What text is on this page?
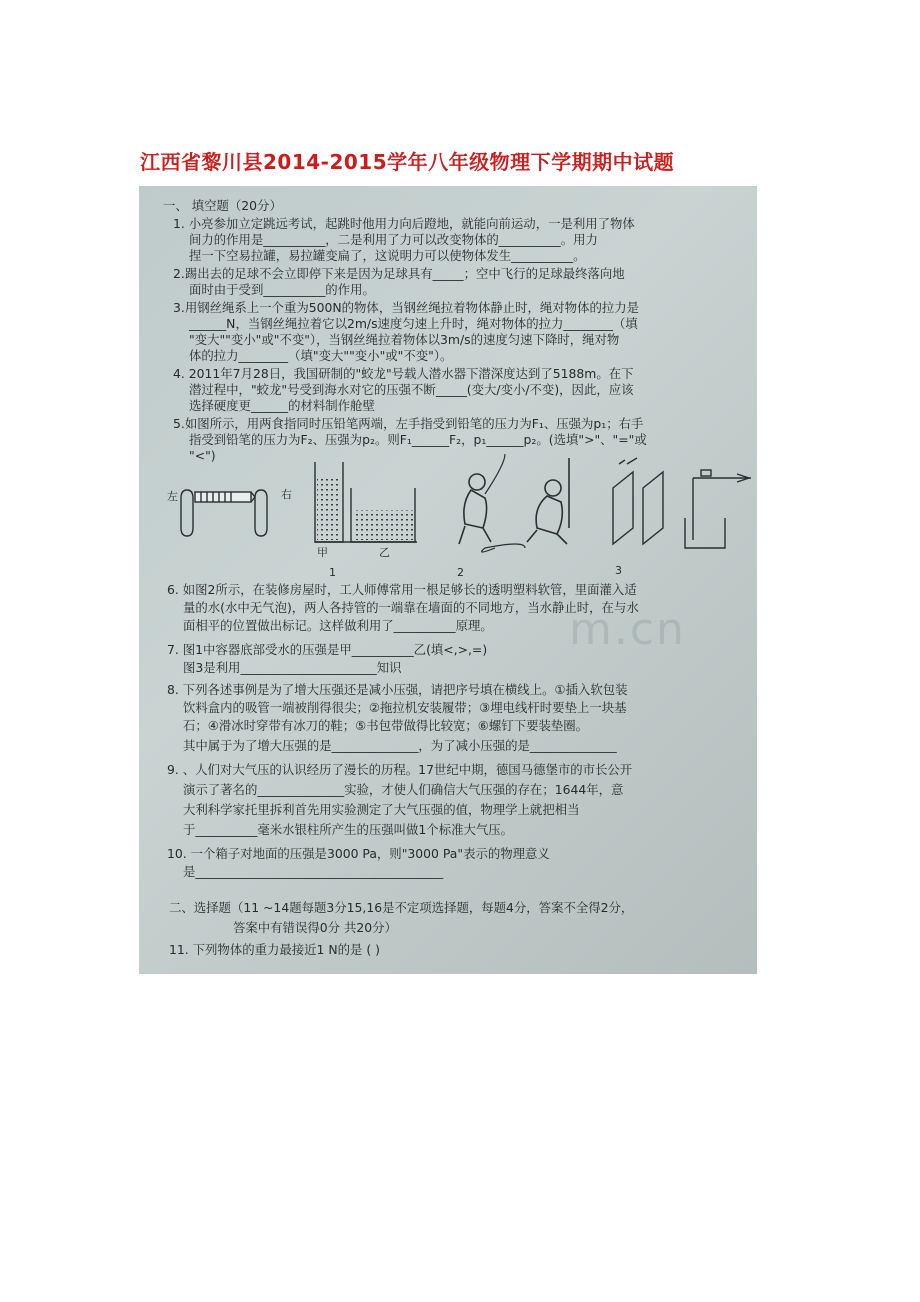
江西省黎川县2014-2015学年八年级物理下学期期中试题
一、 填空题（20分）
1. 小亮参加立定跳远考试，起跳时他用力向后蹬地，就能向前运动，一是利用了物体
间力的作用是__________，二是利用了力可以改变物体的__________。用力
捏一下空易拉罐，易拉罐变扁了，这说明力可以使物体发生__________。
2.踢出去的足球不会立即停下来是因为足球具有_____；空中飞行的足球最终落向地
面时由于受到__________的作用。
3.用钢丝绳系上一个重为500N的物体，当钢丝绳拉着物体静止时，绳对物体的拉力是
______N，当钢丝绳拉着它以2m/s速度匀速上升时，绳对物体的拉力________（填
"变大""变小"或"不变"），当钢丝绳拉着物体以3m/s的速度匀速下降时，绳对物
体的拉力________（填"变大""变小"或"不变"）。
4. 2011年7月28日，我国研制的"蛟龙"号载人潜水器下潜深度达到了5188m。在下
潜过程中，"蛟龙"号受到海水对它的压强不断_____(变大/变小/不变)，因此，应该
选择硬度更______的材料制作舱壁
5.如图所示，用两食指同时压铅笔两端，左手指受到铅笔的压力为F₁、压强为p₁；右手
指受到铅笔的压力为F₂、压强为p₂。则F₁______F₂，p₁______p₂。(选填">"、"="或
"<")
左	右
甲	乙
1	2	3
m.cn
6. 如图2所示，在装修房屋时，工人师傅常用一根足够长的透明塑料软管，里面灌入适
量的水(水中无气泡)，两人各持管的一端靠在墙面的不同地方，当水静止时，在与水
面相平的位置做出标记。这样做利用了__________原理。
7. 图1中容器底部受水的压强是甲__________乙(填<,>,=)
图3是利用______________________知识
8. 下列各述事例是为了增大压强还是减小压强，请把序号填在横线上。①插入软包装
饮料盒内的吸管一端被削得很尖；②拖拉机安装履带；③埋电线杆时要垫上一块基
石；④滑冰时穿带有冰刀的鞋；⑤书包带做得比较宽；⑥螺钉下要装垫圈。
其中属于为了增大压强的是______________，为了减小压强的是______________
9. 、人们对大气压的认识经历了漫长的历程。17世纪中期，德国马德堡市的市长公开
演示了著名的______________实验，才使人们确信大气压强的存在；1644年，意
大利科学家托里拆利首先用实验测定了大气压强的值，物理学上就把相当
于__________毫米水银柱所产生的压强叫做1个标准大气压。
10. 一个箱子对地面的压强是3000 Pa，则"3000 Pa"表示的物理意义
是________________________________________
二、选择题（11 ~14题每题3分15,16是不定项选择题，每题4分，答案不全得2分，
答案中有错误得0分 共20分）
11. 下列物体的重力最接近1 N的是 ( )
